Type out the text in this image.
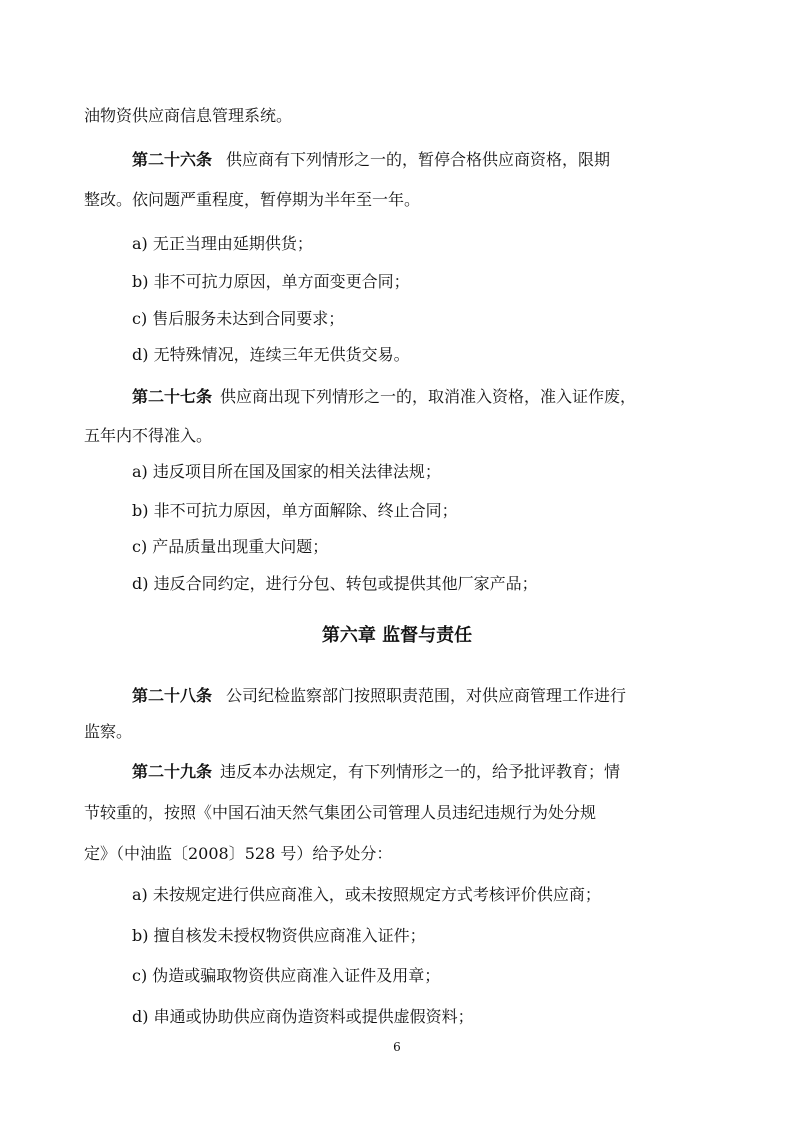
油物资供应商信息管理系统。
第二十六条 供应商有下列情形之一的，暂停合格供应商资格，限期
整改。依问题严重程度，暂停期为半年至一年。
a) 无正当理由延期供货；
b) 非不可抗力原因，单方面变更合同；
c) 售后服务未达到合同要求；
d) 无特殊情况，连续三年无供货交易。
第二十七条 供应商出现下列情形之一的，取消准入资格，准入证作废，
五年内不得准入。
a) 违反项目所在国及国家的相关法律法规；
b) 非不可抗力原因，单方面解除、终止合同；
c) 产品质量出现重大问题；
d) 违反合同约定，进行分包、转包或提供其他厂家产品；
第六章 监督与责任
第二十八条 公司纪检监察部门按照职责范围，对供应商管理工作进行
监察。
第二十九条 违反本办法规定，有下列情形之一的，给予批评教育；情
节较重的，按照《中国石油天然气集团公司管理人员违纪违规行为处分规
定》（中油监〔2008〕528 号）给予处分：
a) 未按规定进行供应商准入，或未按照规定方式考核评价供应商；
b) 擅自核发未授权物资供应商准入证件；
c) 伪造或骗取物资供应商准入证件及用章；
d) 串通或协助供应商伪造资料或提供虚假资料；
6
